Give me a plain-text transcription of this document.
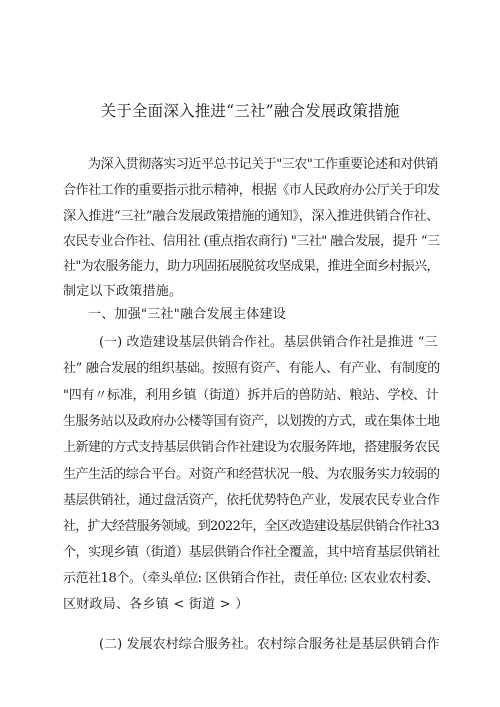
关于全面深入推进“三社”融合发展政策措施
为深入贯彻落实习近平总书记关于"三农"工作重要论述和对供销
合作社工作的重要指示批示精神，根据《市人民政府办公厅关于印发
深入推进“三社”融合发展政策措施的通知》，深入推进供销合作社、
农民专业合作社、信用社 (重点指农商行) "三社" 融合发展，提升 “三
社"为农服务能力，助力巩固拓展脱贫攻坚成果，推进全面乡村振兴，
制定以下政策措施。
一、加强"三社"融合发展主体建设
(一) 改造建设基层供销合作社。基层供销合作社是推进 “三
社” 融合发展的组织基础。按照有资产、有能人、有产业、有制度的
"四有〃标准，利用乡镇（街道）拆并后的兽防站、粮站、学校、计
生服务站以及政府办公楼等国有资产，以划拨的方式，或在集体土地
上新建的方式支持基层供销合作社建设为农服务阵地，搭建服务农民
生产生活的综合平台。对资产和经营状况一般、为农服务实力较弱的
基层供销社，通过盘活资产，依托优势特色产业，发展农民专业合作
社，扩大经营服务领域。到2022年，全区改造建设基层供销合作社33
个，实现乡镇（街道）基层供销合作社全覆盖，其中培育基层供销社
示范社18个。（牵头单位: 区供销合作社，责任单位: 区农业农村委、
区财政局、各乡镇 < 街道 > ）
(二) 发展农村综合服务社。农村综合服务社是基层供销合作
